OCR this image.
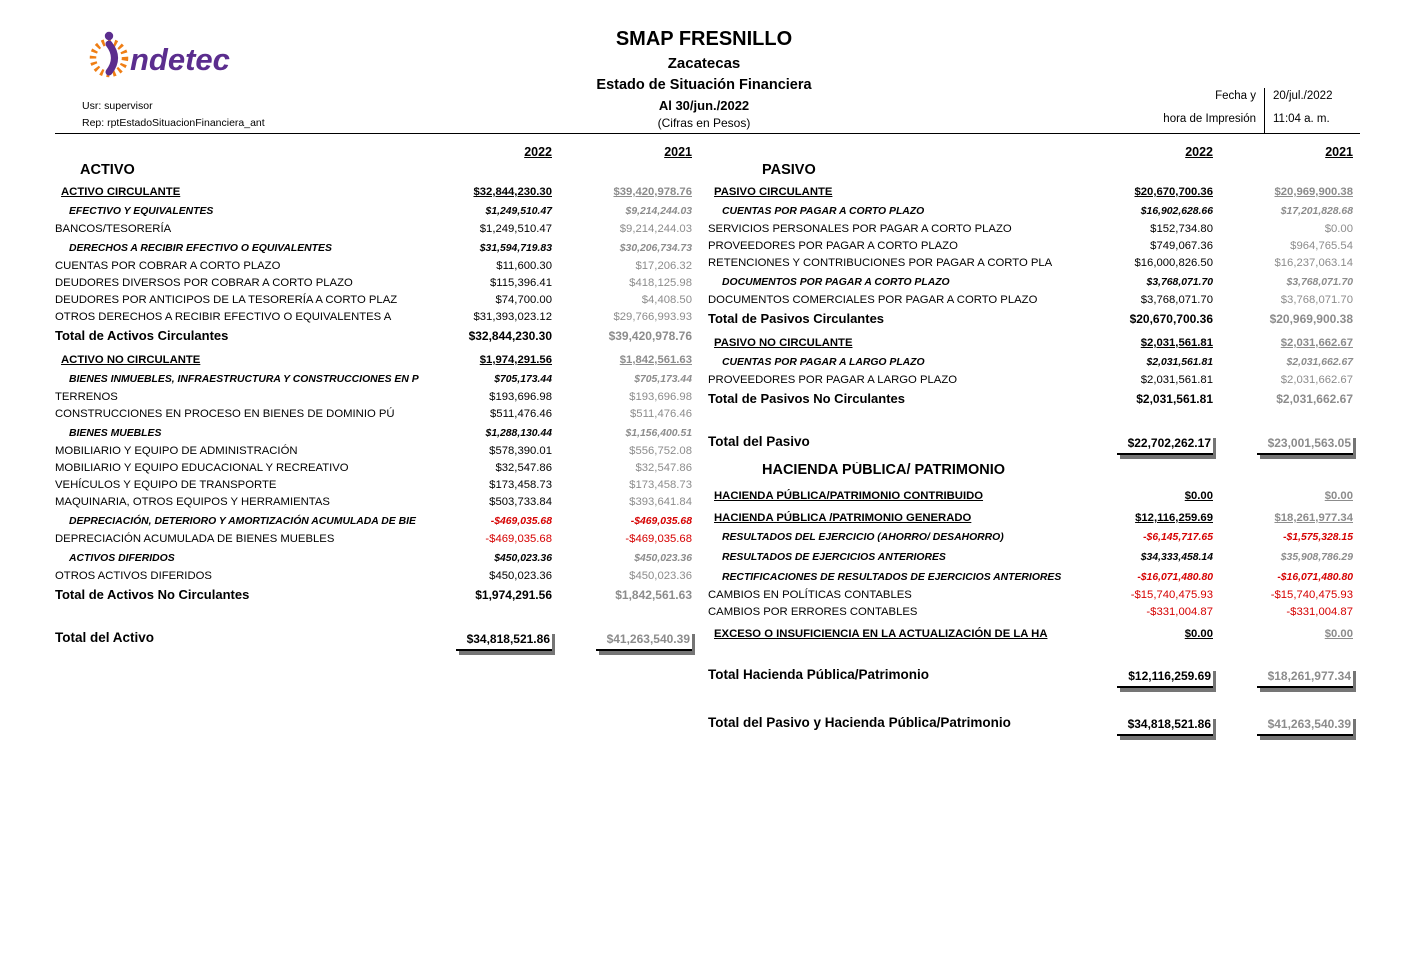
ndetec
Usr: supervisor
Rep: rptEstadoSituacionFinanciera_ant
SMAP FRESNILLO
Zacatecas
Estado de Situación Financiera
Al 30/jun./2022
(Cifras en Pesos)
Fecha y	20/jul./2022
hora de Impresión	11:04 a. m.
2022	2021
ACTIVO
ACTIVO CIRCULANTE	$32,844,230.30	$39,420,978.76
EFECTIVO Y EQUIVALENTES	$1,249,510.47	$9,214,244.03
BANCOS/TESORERÍA	$1,249,510.47	$9,214,244.03
DERECHOS A RECIBIR EFECTIVO O EQUIVALENTES	$31,594,719.83	$30,206,734.73
CUENTAS POR COBRAR A CORTO PLAZO	$11,600.30	$17,206.32
DEUDORES DIVERSOS POR COBRAR A CORTO PLAZO	$115,396.41	$418,125.98
DEUDORES POR ANTICIPOS DE LA TESORERÍA A CORTO PLAZ	$74,700.00	$4,408.50
OTROS DERECHOS A RECIBIR EFECTIVO O EQUIVALENTES A	$31,393,023.12	$29,766,993.93
Total de Activos Circulantes	$32,844,230.30	$39,420,978.76
ACTIVO NO CIRCULANTE	$1,974,291.56	$1,842,561.63
BIENES INMUEBLES, INFRAESTRUCTURA Y CONSTRUCCIONES EN P	$705,173.44	$705,173.44
TERRENOS	$193,696.98	$193,696.98
CONSTRUCCIONES EN PROCESO EN BIENES DE DOMINIO PÚ	$511,476.46	$511,476.46
BIENES MUEBLES	$1,288,130.44	$1,156,400.51
MOBILIARIO Y EQUIPO DE ADMINISTRACIÓN	$578,390.01	$556,752.08
MOBILIARIO Y EQUIPO EDUCACIONAL Y RECREATIVO	$32,547.86	$32,547.86
VEHÍCULOS Y EQUIPO DE TRANSPORTE	$173,458.73	$173,458.73
MAQUINARIA, OTROS EQUIPOS Y HERRAMIENTAS	$503,733.84	$393,641.84
DEPRECIACIÓN, DETERIORO Y AMORTIZACIÓN ACUMULADA DE BIE	-$469,035.68	-$469,035.68
DEPRECIACIÓN ACUMULADA DE BIENES MUEBLES	-$469,035.68	-$469,035.68
ACTIVOS DIFERIDOS	$450,023.36	$450,023.36
OTROS ACTIVOS DIFERIDOS	$450,023.36	$450,023.36
Total de Activos No Circulantes	$1,974,291.56	$1,842,561.63
Total del Activo	$34,818,521.86	$41,263,540.39
2022	2021
PASIVO
PASIVO CIRCULANTE	$20,670,700.36	$20,969,900.38
CUENTAS POR PAGAR A CORTO PLAZO	$16,902,628.66	$17,201,828.68
SERVICIOS PERSONALES POR PAGAR A CORTO PLAZO	$152,734.80	$0.00
PROVEEDORES POR PAGAR A CORTO PLAZO	$749,067.36	$964,765.54
RETENCIONES Y CONTRIBUCIONES POR PAGAR A CORTO PLA	$16,000,826.50	$16,237,063.14
DOCUMENTOS POR PAGAR A CORTO PLAZO	$3,768,071.70	$3,768,071.70
DOCUMENTOS COMERCIALES POR PAGAR A CORTO PLAZO	$3,768,071.70	$3,768,071.70
Total de Pasivos Circulantes	$20,670,700.36	$20,969,900.38
PASIVO NO CIRCULANTE	$2,031,561.81	$2,031,662.67
CUENTAS POR PAGAR A LARGO PLAZO	$2,031,561.81	$2,031,662.67
PROVEEDORES POR PAGAR A LARGO PLAZO	$2,031,561.81	$2,031,662.67
Total de Pasivos No Circulantes	$2,031,561.81	$2,031,662.67
Total del Pasivo	$22,702,262.17	$23,001,563.05
HACIENDA PÚBLICA/ PATRIMONIO
HACIENDA PÚBLICA/PATRIMONIO CONTRIBUIDO	$0.00	$0.00
HACIENDA PÚBLICA /PATRIMONIO GENERADO	$12,116,259.69	$18,261,977.34
RESULTADOS DEL EJERCICIO (AHORRO/ DESAHORRO)	-$6,145,717.65	-$1,575,328.15
RESULTADOS DE EJERCICIOS ANTERIORES	$34,333,458.14	$35,908,786.29
RECTIFICACIONES DE RESULTADOS DE EJERCICIOS ANTERIORES	-$16,071,480.80	-$16,071,480.80
CAMBIOS EN POLÍTICAS CONTABLES	-$15,740,475.93	-$15,740,475.93
CAMBIOS POR ERRORES CONTABLES	-$331,004.87	-$331,004.87
EXCESO O INSUFICIENCIA EN LA ACTUALIZACIÓN DE LA HA	$0.00	$0.00
Total Hacienda Pública/Patrimonio	$12,116,259.69	$18,261,977.34
Total del Pasivo y Hacienda Pública/Patrimonio	$34,818,521.86	$41,263,540.39
